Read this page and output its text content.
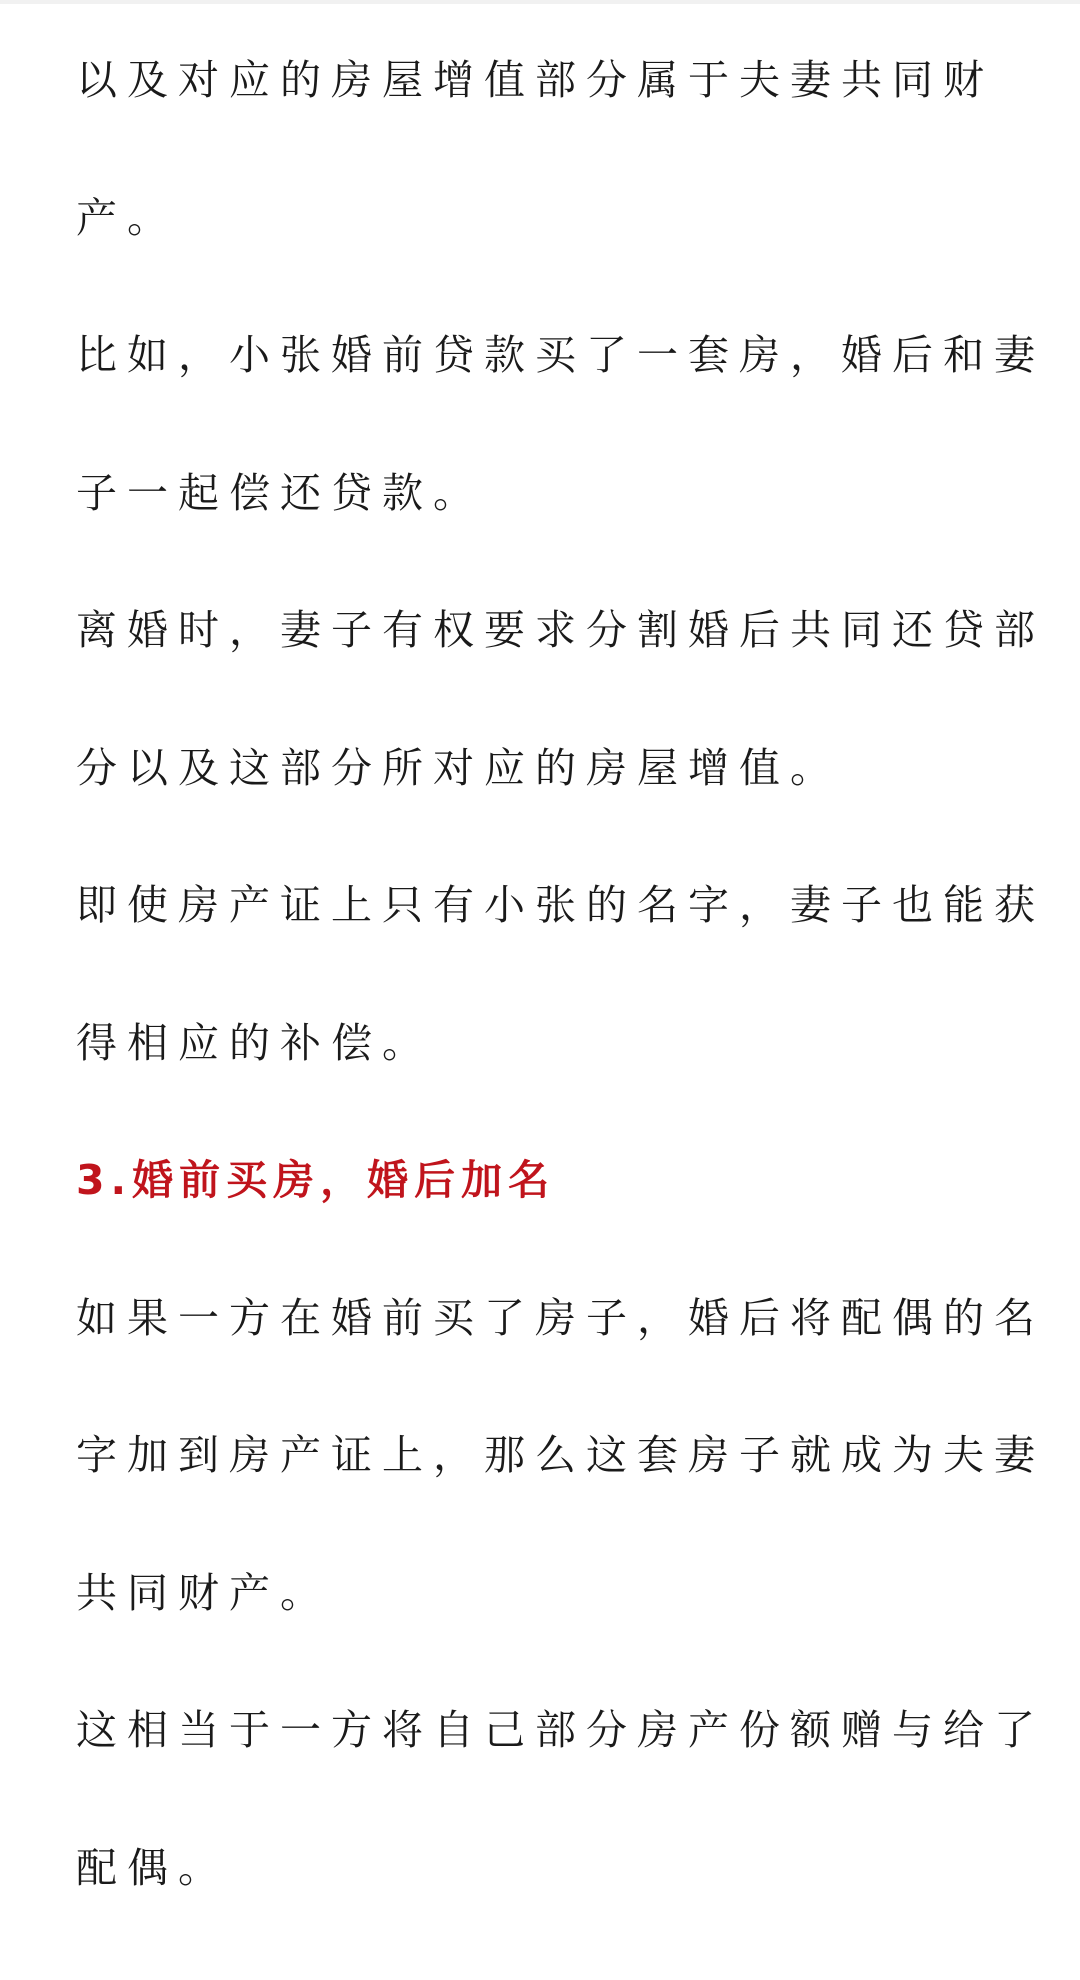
以及对应的房屋增值部分属于夫妻共同财
产。
比如，小张婚前贷款买了一套房，婚后和妻
子一起偿还贷款。
离婚时，妻子有权要求分割婚后共同还贷部
分以及这部分所对应的房屋增值。
即使房产证上只有小张的名字，妻子也能获
得相应的补偿。
3.婚前买房，婚后加名
如果一方在婚前买了房子，婚后将配偶的名
字加到房产证上，那么这套房子就成为夫妻
共同财产。
这相当于一方将自己部分房产份额赠与给了
配偶。
